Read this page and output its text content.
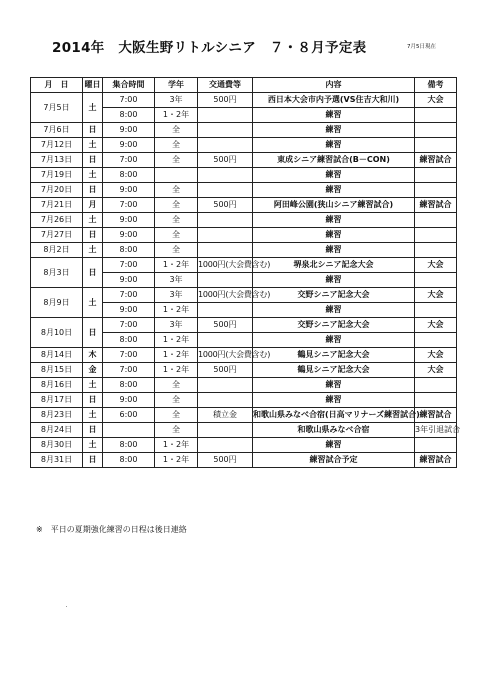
2014年　大阪生野リトルシニア　７・８月予定表	7月5日現在
月　日	曜日	集合時間	学年	交通費等	内容	備考
7月5日	土	7:00	3年	500円	西日本大会市内予選(VS住吉大和川)	大会
		8:00	1・2年		練習	
7月6日	日	9:00	全		練習	
7月12日	土	9:00	全		練習	
7月13日	日	7:00	全	500円	東成シニア練習試合(B－CON)	練習試合
7月19日	土	8:00			練習	
7月20日	日	9:00	全		練習	
7月21日	月	7:00	全	500円	阿田峰公園(狭山シニア練習試合)	練習試合
7月26日	土	9:00	全		練習	
7月27日	日	9:00	全		練習	
8月2日	土	8:00	全		練習	
8月3日	日	7:00	1・2年	1000円(大会費含む)	堺泉北シニア記念大会	大会
		9:00	3年		練習	
8月9日	土	7:00	3年	1000円(大会費含む)	交野シニア記念大会	大会
		9:00	1・2年		練習	
8月10日	日	7:00	3年	500円	交野シニア記念大会	大会
		8:00	1・2年		練習	
8月14日	木	7:00	1・2年	1000円(大会費含む)	鶴見シニア記念大会	大会
8月15日	金	7:00	1・2年	500円	鶴見シニア記念大会	大会
8月16日	土	8:00	全		練習	
8月17日	日	9:00	全		練習	
8月23日	土	6:00	全	積立金	和歌山県みなべ合宿(日高マリナーズ練習試合)	練習試合
8月24日	日		全		和歌山県みなべ合宿	3年引退試合
8月30日	土	8:00	1・2年		練習	
8月31日	日	8:00	1・2年	500円	練習試合予定	練習試合
※　平日の夏期強化練習の日程は後日連絡
